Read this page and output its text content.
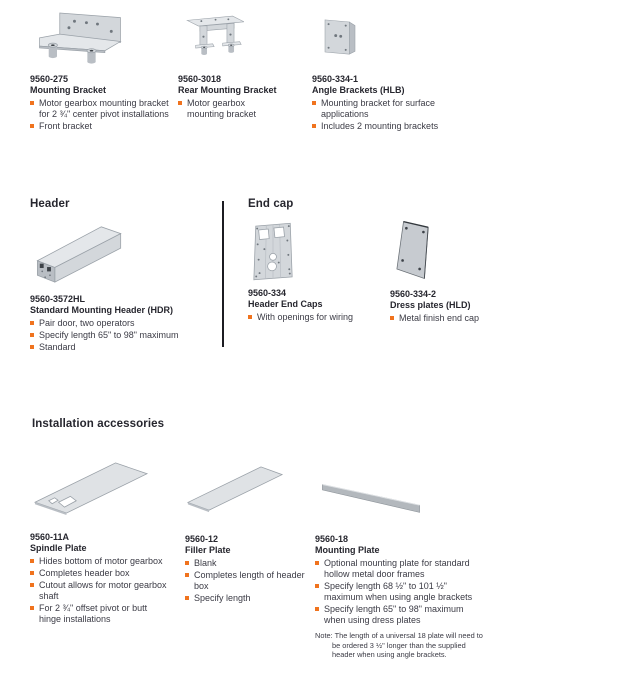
9560-275
Mounting Bracket
Motor gearbox mounting bracket for 2 ¾" center pivot installations
Front bracket
9560-3018
Rear Mounting Bracket
Motor gearbox mounting bracket
9560-334-1
Angle Brackets (HLB)
Mounting bracket for surface applications
Includes 2 mounting brackets
Header	End cap
9560-3572HL
Standard Mounting Header (HDR)
Pair door, two operators
Specify length 65" to 98" maximum
Standard
9560-334
Header End Caps
With openings for wiring
9560-334-2
Dress plates (HLD)
Metal finish end cap
Installation accessories
9560-11A
Spindle Plate
Hides bottom of motor gearbox
Completes header box
Cutout allows for motor gearbox shaft
For 2 ¾" offset pivot or butt hinge installations
9560-12
Filler Plate
Blank
Completes length of header box
Specify length
9560-18
Mounting Plate
Optional mounting plate for standard hollow metal door frames
Specify length 68 ½" to 101 ½" maximum when using angle brackets
Specify length 65" to 98" maximum when using dress plates
Note: The length of a universal 18 plate will need to be ordered 3 ½" longer than the supplied header when using angle brackets.
